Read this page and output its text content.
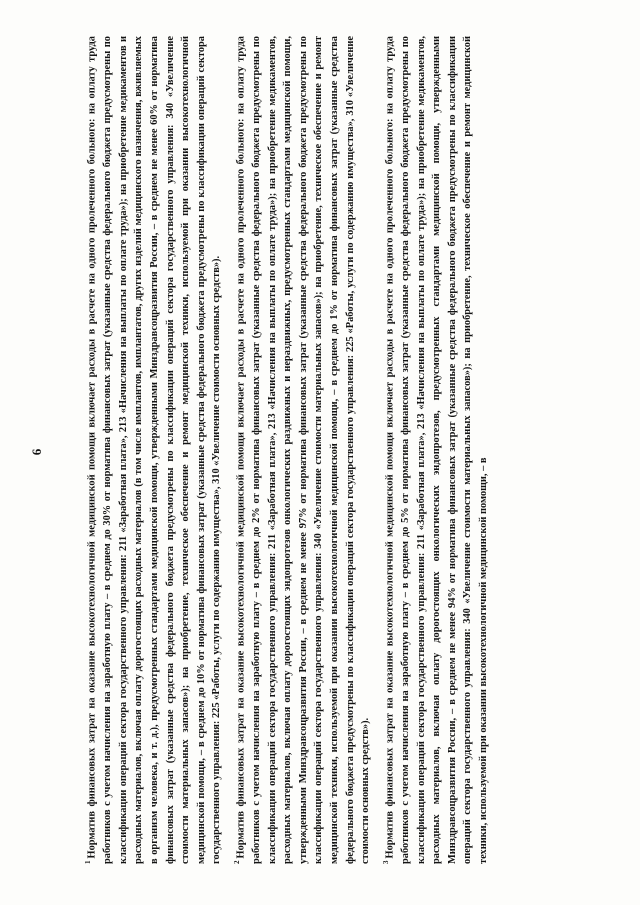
6

$^1$Норматив финансовых затрат на оказание высокотехнологичной медицинской помощи включает расходы в расчете на одного пролеченного больного: на оплату труда работников с учетом начисления на заработную плату – в среднем до 30% от норматива финансовых затрат (указанные средства федерального бюджета предусмотрены по классификации операций сектора государственного управления: 211 «Заработная плата», 213 «Начисления на выплаты по оплате труда»); на приобретение медикаментов и расходных материалов, включая оплату дорогостоящих расходных материалов (в том числе имплантов, имплантатов, других изделий медицинского назначения, вживляемых в организм человека, и т. д.), предусмотренных стандартами медицинской помощи, утвержденными Минздравсоцразвития России, – в среднем не менее 60% от норматива финансовых затрат (указанные средства федерального бюджета предусмотрены по классификации операций сектора государственного управления: 340 «Увеличение стоимости материальных запасов»); на приобретение, техническое обеспечение и ремонт медицинской техники, используемой при оказании высокотехнологичной медицинской помощи, – в среднем до 10% от норматива финансовых затрат (указанные средства федерального бюджета предусмотрены по классификации операций сектора государственного управления: 225 «Работы, услуги по содержанию имущества», 310 «Увеличение стоимости основных средств»).	$^2$Норматив финансовых затрат на оказание высокотехнологичной медицинской помощи включает расходы в расчете на одного пролеченного больного: на оплату труда работников с учетом начисления на заработную плату – в среднем до 2% от норматива финансовых затрат (указанные средства федерального бюджета предусмотрены по классификации операций сектора государственного управления: 211 «Заработная плата», 213 «Начисления на выплаты по оплате труда»); на приобретение медикаментов, расходных материалов, включая оплату дорогостоящих эндопротезов онкологических раздвижных и нераздвижных, предусмотренных стандартами медицинской помощи, утвержденными Минздравсоцразвития России, – в среднем не менее 97% от норматива финансовых затрат (указанные средства федерального бюджета предусмотрены по классификации операций сектора государственного управления: 340 «Увеличение стоимости материальных запасов»); на приобретение, техническое обеспечение и ремонт медицинской техники, используемой при оказании высокотехнологичной медицинской помощи, – в среднем до 1% от норматива финансовых затрат (указанные средства федерального бюджета предусмотрены по классификации операций сектора государственного управления: 225 «Работы, услуги по содержанию имущества», 310 «Увеличение стоимости основных средств»).	$^3$Норматив финансовых затрат на оказание высокотехнологичной медицинской помощи включает расходы в расчете на одного пролеченного больного: на оплату труда работников с учетом начисления на заработную плату – в среднем до 5% от норматива финансовых затрат (указанные средства федерального бюджета предусмотрены по классификации операций сектора государственного управления: 211 «Заработная плата», 213 «Начисления на выплаты по оплате труда»); на приобретение медикаментов, расходных материалов, включая оплату дорогостоящих онкологических эндопротезов, предусмотренных стандартами медицинской помощи, утвержденными Минздравсоцразвития России, – в среднем не менее 94% от норматива финансовых затрат (указанные средства федерального бюджета предусмотрены по классификации операций сектора государственного управления: 340 «Увеличение стоимости материальных запасов»); на приобретение, техническое обеспечение и ремонт медицинской техники, используемой при оказании высокотехнологичной медицинской помощи, – в
